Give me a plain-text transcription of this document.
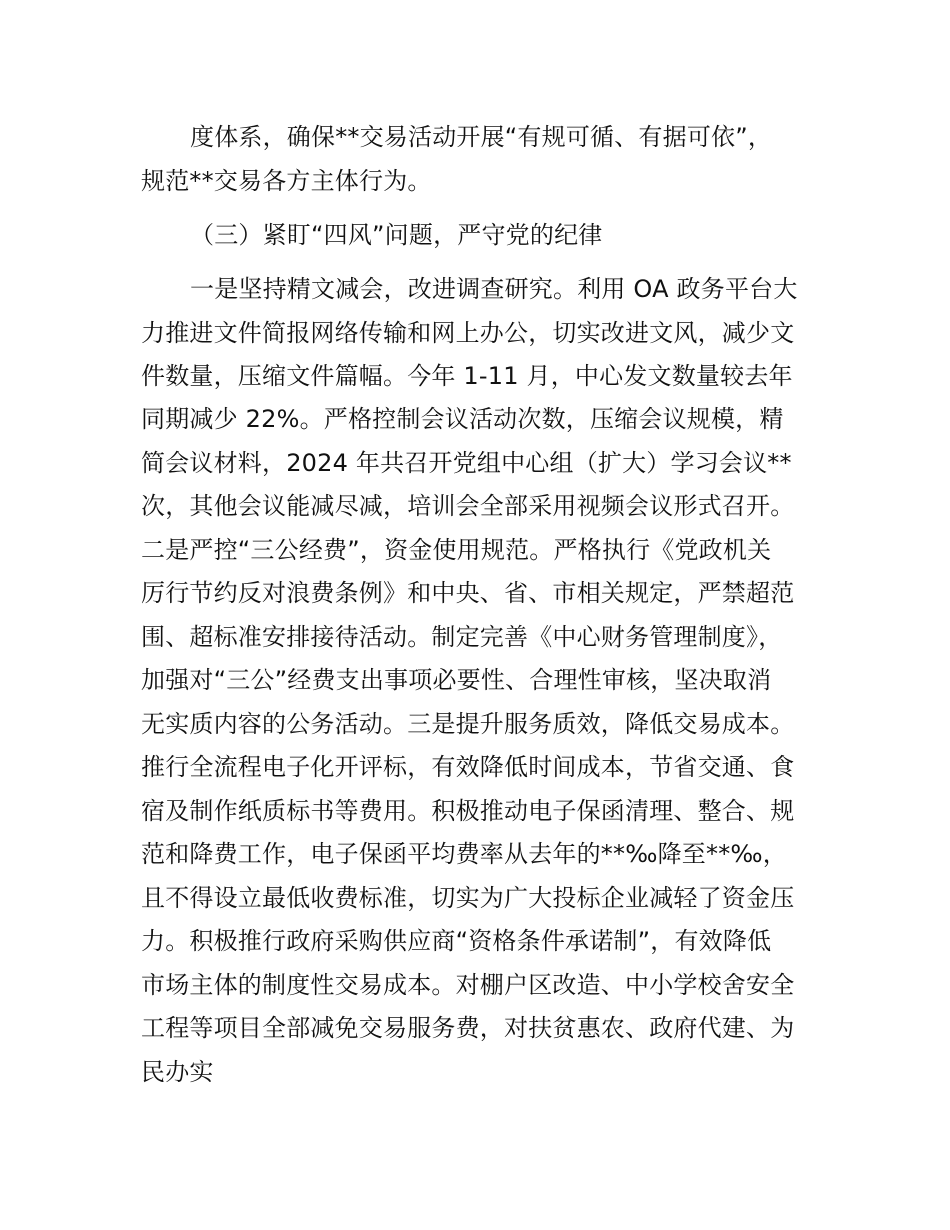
度体系，确保**交易活动开展“有规可循、有据可依”，
规范**交易各方主体行为。
（三）紧盯“四风”问题，严守党的纪律
一是坚持精文减会，改进调查研究。利用 OA 政务平台大
力推进文件简报网络传输和网上办公，切实改进文风，减少文
件数量，压缩文件篇幅。今年 1-11 月，中心发文数量较去年
同期减少 22%。严格控制会议活动次数，压缩会议规模，精
简会议材料，2024 年共召开党组中心组（扩大）学习会议**
次，其他会议能减尽减，培训会全部采用视频会议形式召开。
二是严控“三公经费”，资金使用规范。严格执行《党政机关
厉行节约反对浪费条例》和中央、省、市相关规定，严禁超范
围、超标准安排接待活动。制定完善《中心财务管理制度》，
加强对“三公”经费支出事项必要性、合理性审核，坚决取消
无实质内容的公务活动。三是提升服务质效，降低交易成本。
推行全流程电子化开评标，有效降低时间成本，节省交通、食
宿及制作纸质标书等费用。积极推动电子保函清理、整合、规
范和降费工作，电子保函平均费率从去年的**‰降至**‰，
且不得设立最低收费标准，切实为广大投标企业减轻了资金压
力。积极推行政府采购供应商“资格条件承诺制”，有效降低
市场主体的制度性交易成本。对棚户区改造、中小学校舍安全
工程等项目全部减免交易服务费，对扶贫惠农、政府代建、为
民办实
